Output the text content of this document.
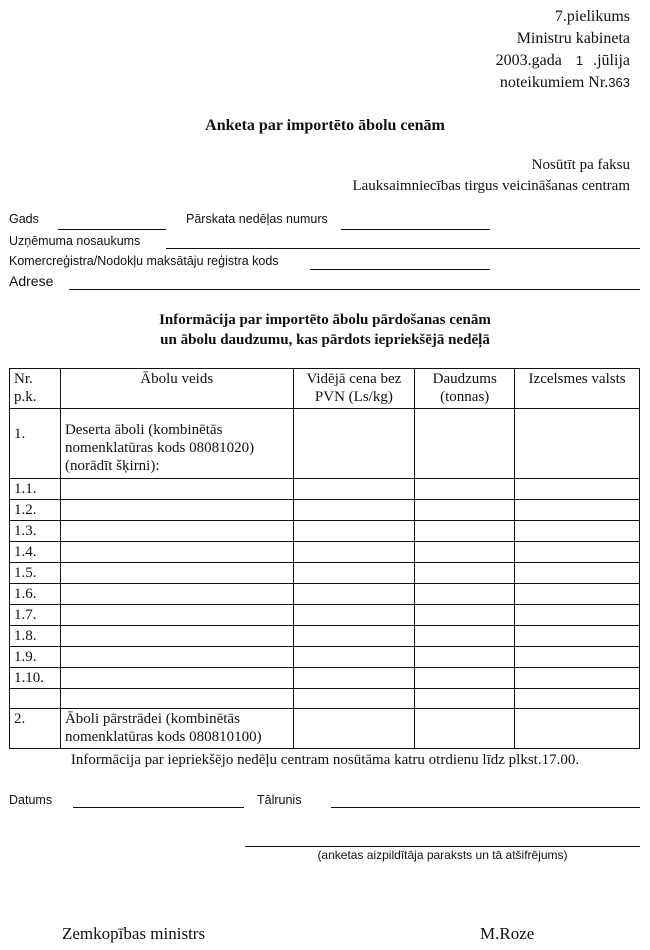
7.pielikums
Ministru kabineta
2003.gada 1 .jūlija
noteikumiem Nr.363
Anketa par importēto ābolu cenām
Nosūtīt pa faksu
Lauksaimniecības tirgus veicināšanas centram
Gads	Pārskata nedēļas numurs
Uzņēmuma nosaukums
Komercreģistra/Nodokļu maksātāju reģistra kods
Adrese
Informācija par importēto ābolu pārdošanas cenām
un ābolu daudzumu, kas pārdots iepriekšējā nedēļā
Nr. p.k.	Ābolu veids	Vidējā cena bez PVN (Ls/kg)	Daudzums (tonnas)	Izcelsmes valsts
1.	Deserta āboli (kombinētās nomenklatūras kods 08081020) (norādīt šķirni):			
1.1.				
1.2.				
1.3.				
1.4.				
1.5.				
1.6.				
1.7.				
1.8.				
1.9.				
1.10.				

2.	Āboli pārstrādei (kombinētās nomenklatūras kods 080810100)			
Informācija par iepriekšējo nedēļu centram nosūtāma katru otrdienu līdz plkst.17.00.
Datums	Tālrunis
(anketas aizpildītāja paraksts un tā atšifrējums)
Zemkopības ministrs	M.Roze
